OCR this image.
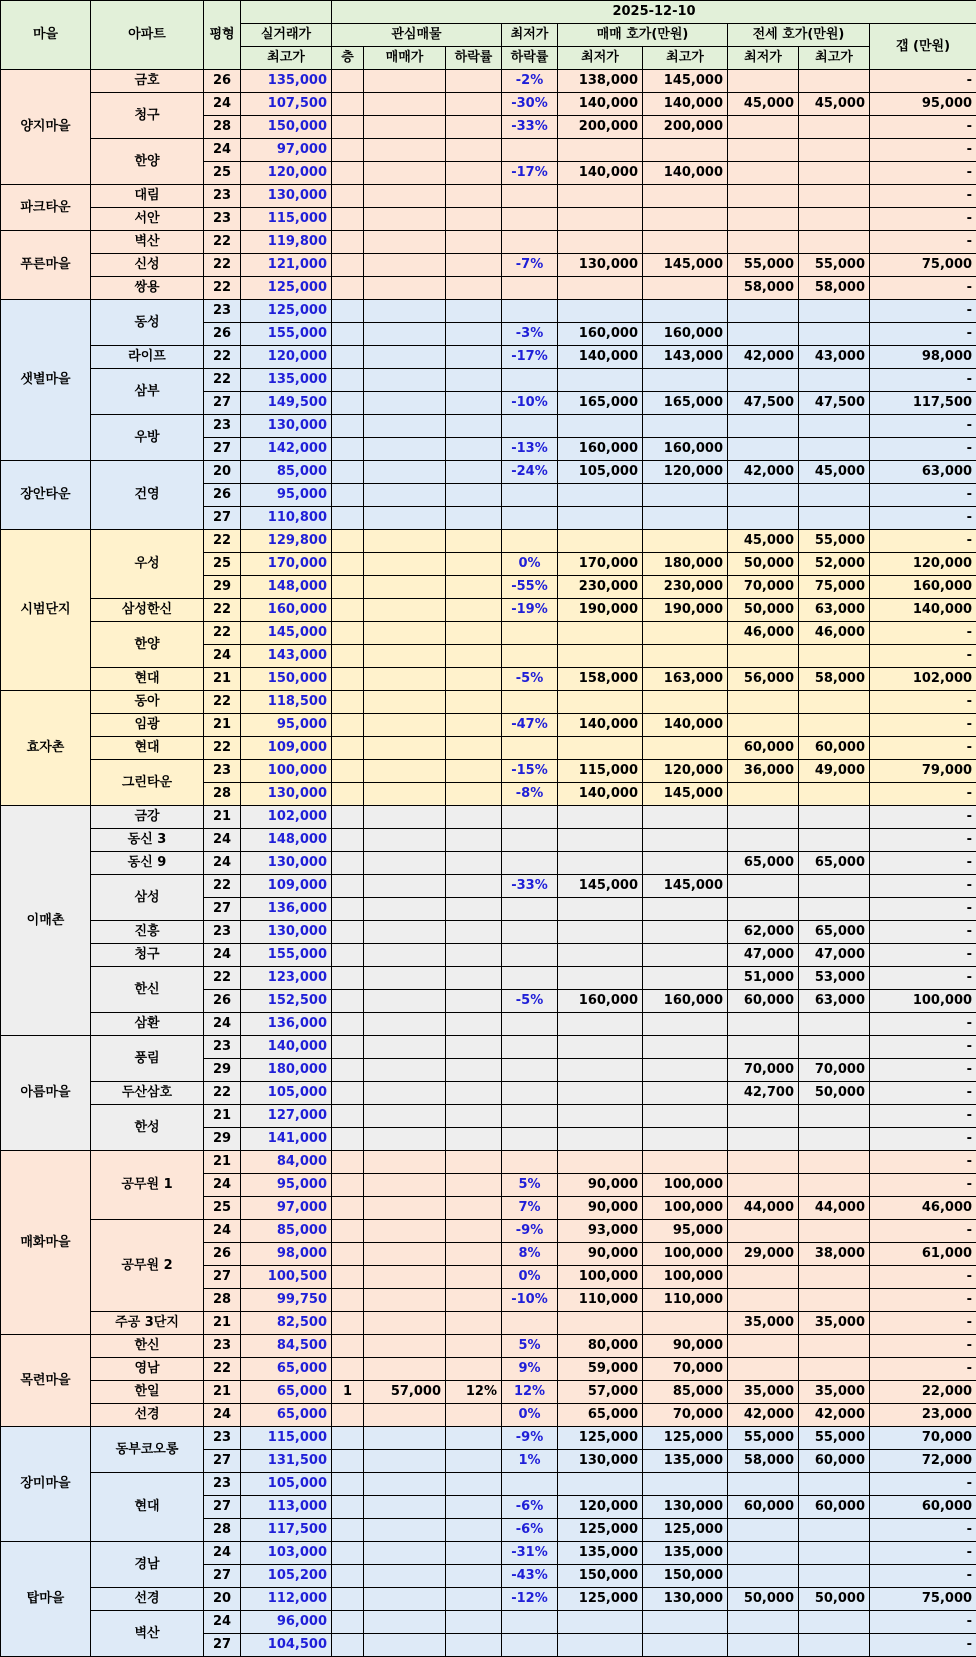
마을	아파트	평형		2025-12-10								
			실거래가	관심매물			최저가	매매 호가(만원)		전세 호가(만원)		갭 (만원)
			최고가	층	매매가	하락률	하락률	최저가	최고가	최저가	최고가	
양지마을	금호	26	135,000				-2%	138,000	145,000			-
	청구	24	107,500				-30%	140,000	140,000	45,000	45,000	95,000
		28	150,000				-33%	200,000	200,000			-
	한양	24	97,000									-
		25	120,000				-17%	140,000	140,000			-
파크타운	대림	23	130,000									-
	서안	23	115,000									-
푸른마을	벽산	22	119,800									-
	신성	22	121,000				-7%	130,000	145,000	55,000	55,000	75,000
	쌍용	22	125,000							58,000	58,000	-
샛별마을	동성	23	125,000									-
		26	155,000				-3%	160,000	160,000			-
	라이프	22	120,000				-17%	140,000	143,000	42,000	43,000	98,000
	삼부	22	135,000									-
		27	149,500				-10%	165,000	165,000	47,500	47,500	117,500
	우방	23	130,000									-
		27	142,000				-13%	160,000	160,000			-
장안타운	건영	20	85,000				-24%	105,000	120,000	42,000	45,000	63,000
		26	95,000									-
		27	110,800									-
시범단지	우성	22	129,800							45,000	55,000	-
		25	170,000				0%	170,000	180,000	50,000	52,000	120,000
		29	148,000				-55%	230,000	230,000	70,000	75,000	160,000
	삼성한신	22	160,000				-19%	190,000	190,000	50,000	63,000	140,000
	한양	22	145,000							46,000	46,000	-
		24	143,000									-
	현대	21	150,000				-5%	158,000	163,000	56,000	58,000	102,000
효자촌	동아	22	118,500									-
	임광	21	95,000				-47%	140,000	140,000			-
	현대	22	109,000							60,000	60,000	-
	그린타운	23	100,000				-15%	115,000	120,000	36,000	49,000	79,000
		28	130,000				-8%	140,000	145,000			-
이매촌	금강	21	102,000									-
	동신 3	24	148,000									-
	동신 9	24	130,000							65,000	65,000	-
	삼성	22	109,000				-33%	145,000	145,000			-
		27	136,000									-
	진흥	23	130,000							62,000	65,000	-
	청구	24	155,000							47,000	47,000	-
	한신	22	123,000							51,000	53,000	-
		26	152,500				-5%	160,000	160,000	60,000	63,000	100,000
	삼환	24	136,000									-
아름마을	풍림	23	140,000									-
		29	180,000							70,000	70,000	-
	두산삼호	22	105,000							42,700	50,000	-
	한성	21	127,000									-
		29	141,000									-
매화마을	공무원 1	21	84,000									-
		24	95,000				5%	90,000	100,000			-
		25	97,000				7%	90,000	100,000	44,000	44,000	46,000
	공무원 2	24	85,000				-9%	93,000	95,000			-
		26	98,000				8%	90,000	100,000	29,000	38,000	61,000
		27	100,500				0%	100,000	100,000			-
		28	99,750				-10%	110,000	110,000			-
	주공 3단지	21	82,500							35,000	35,000	-
목련마을	한신	23	84,500				5%	80,000	90,000			-
	영남	22	65,000				9%	59,000	70,000			-
	한일	21	65,000	1	57,000	12%	12%	57,000	85,000	35,000	35,000	22,000
	선경	24	65,000				0%	65,000	70,000	42,000	42,000	23,000
장미마을	동부코오롱	23	115,000				-9%	125,000	125,000	55,000	55,000	70,000
		27	131,500				1%	130,000	135,000	58,000	60,000	72,000
	현대	23	105,000									-
		27	113,000				-6%	120,000	130,000	60,000	60,000	60,000
		28	117,500				-6%	125,000	125,000			-
탑마을	경남	24	103,000				-31%	135,000	135,000			-
		27	105,200				-43%	150,000	150,000			-
	선경	20	112,000				-12%	125,000	130,000	50,000	50,000	75,000
	벽산	24	96,000									-
		27	104,500									-
